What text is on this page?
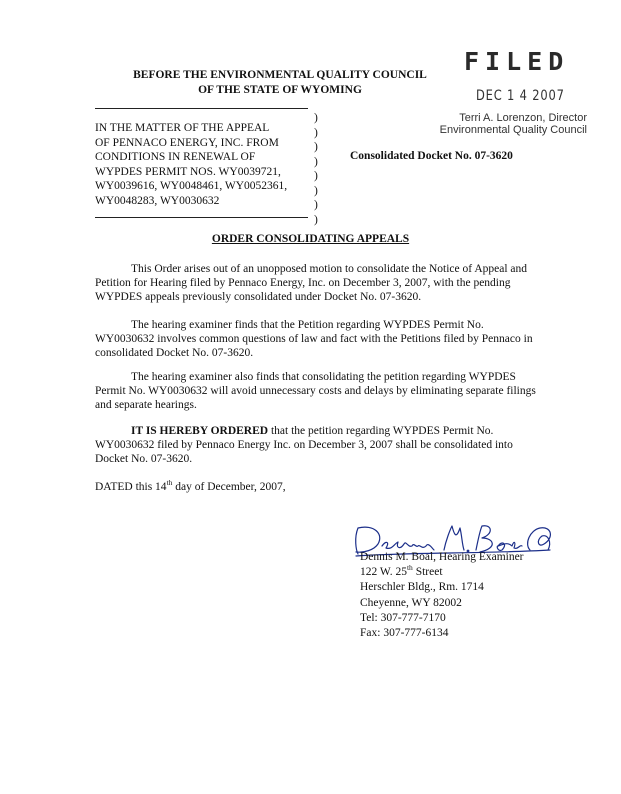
BEFORE THE ENVIRONMENTAL QUALITY COUNCIL
OF THE STATE OF WYOMING
FILED
DEC 1 4 2007
Terri A. Lorenzon, Director
Environmental Quality Council
IN THE MATTER OF THE APPEAL
OF PENNACO ENERGY, INC. FROM
CONDITIONS IN RENEWAL OF
WYPDES PERMIT NOS. WY0039721,
WY0039616, WY0048461, WY0052361,
WY0048283, WY0030632
)
)
)
)
)
)
)
)
Consolidated Docket No. 07-3620
ORDER CONSOLIDATING APPEALS

This Order arises out of an unopposed motion to consolidate the Notice of Appeal and Petition for Hearing filed by Pennaco Energy, Inc. on December 3, 2007, with the pending WYPDES appeals previously consolidated under Docket No. 07-3620.

The hearing examiner finds that the Petition regarding WYPDES Permit No. WY0030632 involves common questions of law and fact with the Petitions filed by Pennaco in consolidated Docket No. 07-3620.

The hearing examiner also finds that consolidating the petition regarding WYPDES Permit No. WY0030632 will avoid unnecessary costs and delays by eliminating separate filings and separate hearings.

IT IS HEREBY ORDERED that the petition regarding WYPDES Permit No. WY0030632 filed by Pennaco Energy Inc. on December 3, 2007 shall be consolidated into Docket No. 07-3620.

DATED this 14th day of December, 2007,
Dennis M. Boal, Hearing Examiner
122 W. 25th Street
Herschler Bldg., Rm. 1714
Cheyenne, WY 82002
Tel: 307-777-7170
Fax: 307-777-6134
